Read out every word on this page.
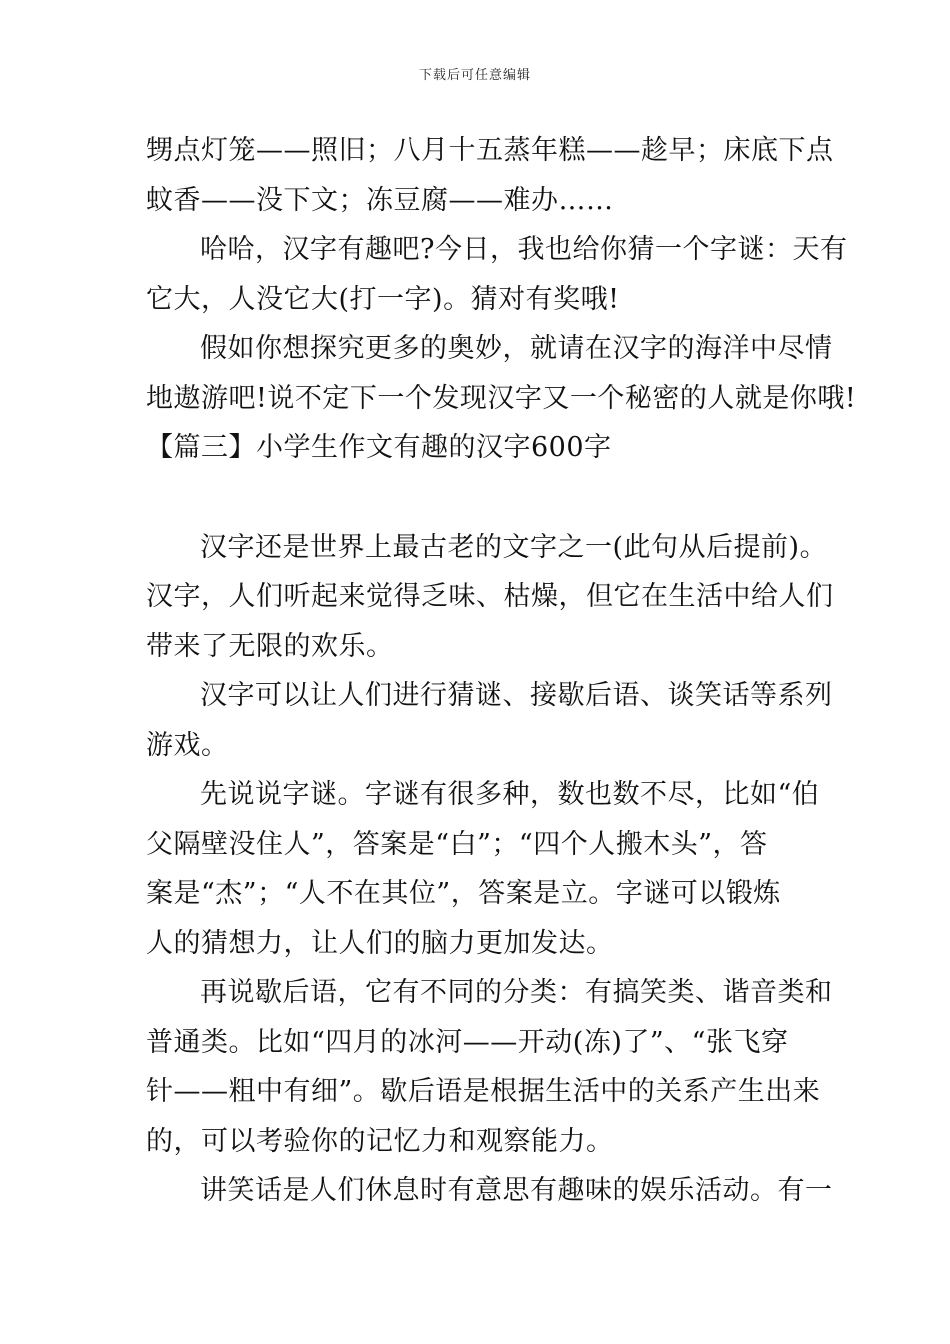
下载后可任意编辑
甥点灯笼——照旧；八月十五蒸年糕——趁早；床底下点
蚊香——没下文；冻豆腐——难办……
哈哈，汉字有趣吧?今日，我也给你猜一个字谜：天有
它大，人没它大(打一字)。猜对有奖哦!
假如你想探究更多的奥妙，就请在汉字的海洋中尽情
地遨游吧!说不定下一个发现汉字又一个秘密的人就是你哦!
【篇三】小学生作文有趣的汉字600字
汉字还是世界上最古老的文字之一(此句从后提前)。
汉字，人们听起来觉得乏味、枯燥，但它在生活中给人们
带来了无限的欢乐。
汉字可以让人们进行猜谜、接歇后语、谈笑话等系列
游戏。
先说说字谜。字谜有很多种，数也数不尽，比如“伯
父隔壁没住人”，答案是“白”；“四个人搬木头”，答
案是“杰”；“人不在其位”，答案是立。字谜可以锻炼
人的猜想力，让人们的脑力更加发达。
再说歇后语，它有不同的分类：有搞笑类、谐音类和
普通类。比如“四月的冰河——开动(冻)了”、“张飞穿
针——粗中有细”。歇后语是根据生活中的关系产生出来
的，可以考验你的记忆力和观察能力。
讲笑话是人们休息时有意思有趣味的娱乐活动。有一
